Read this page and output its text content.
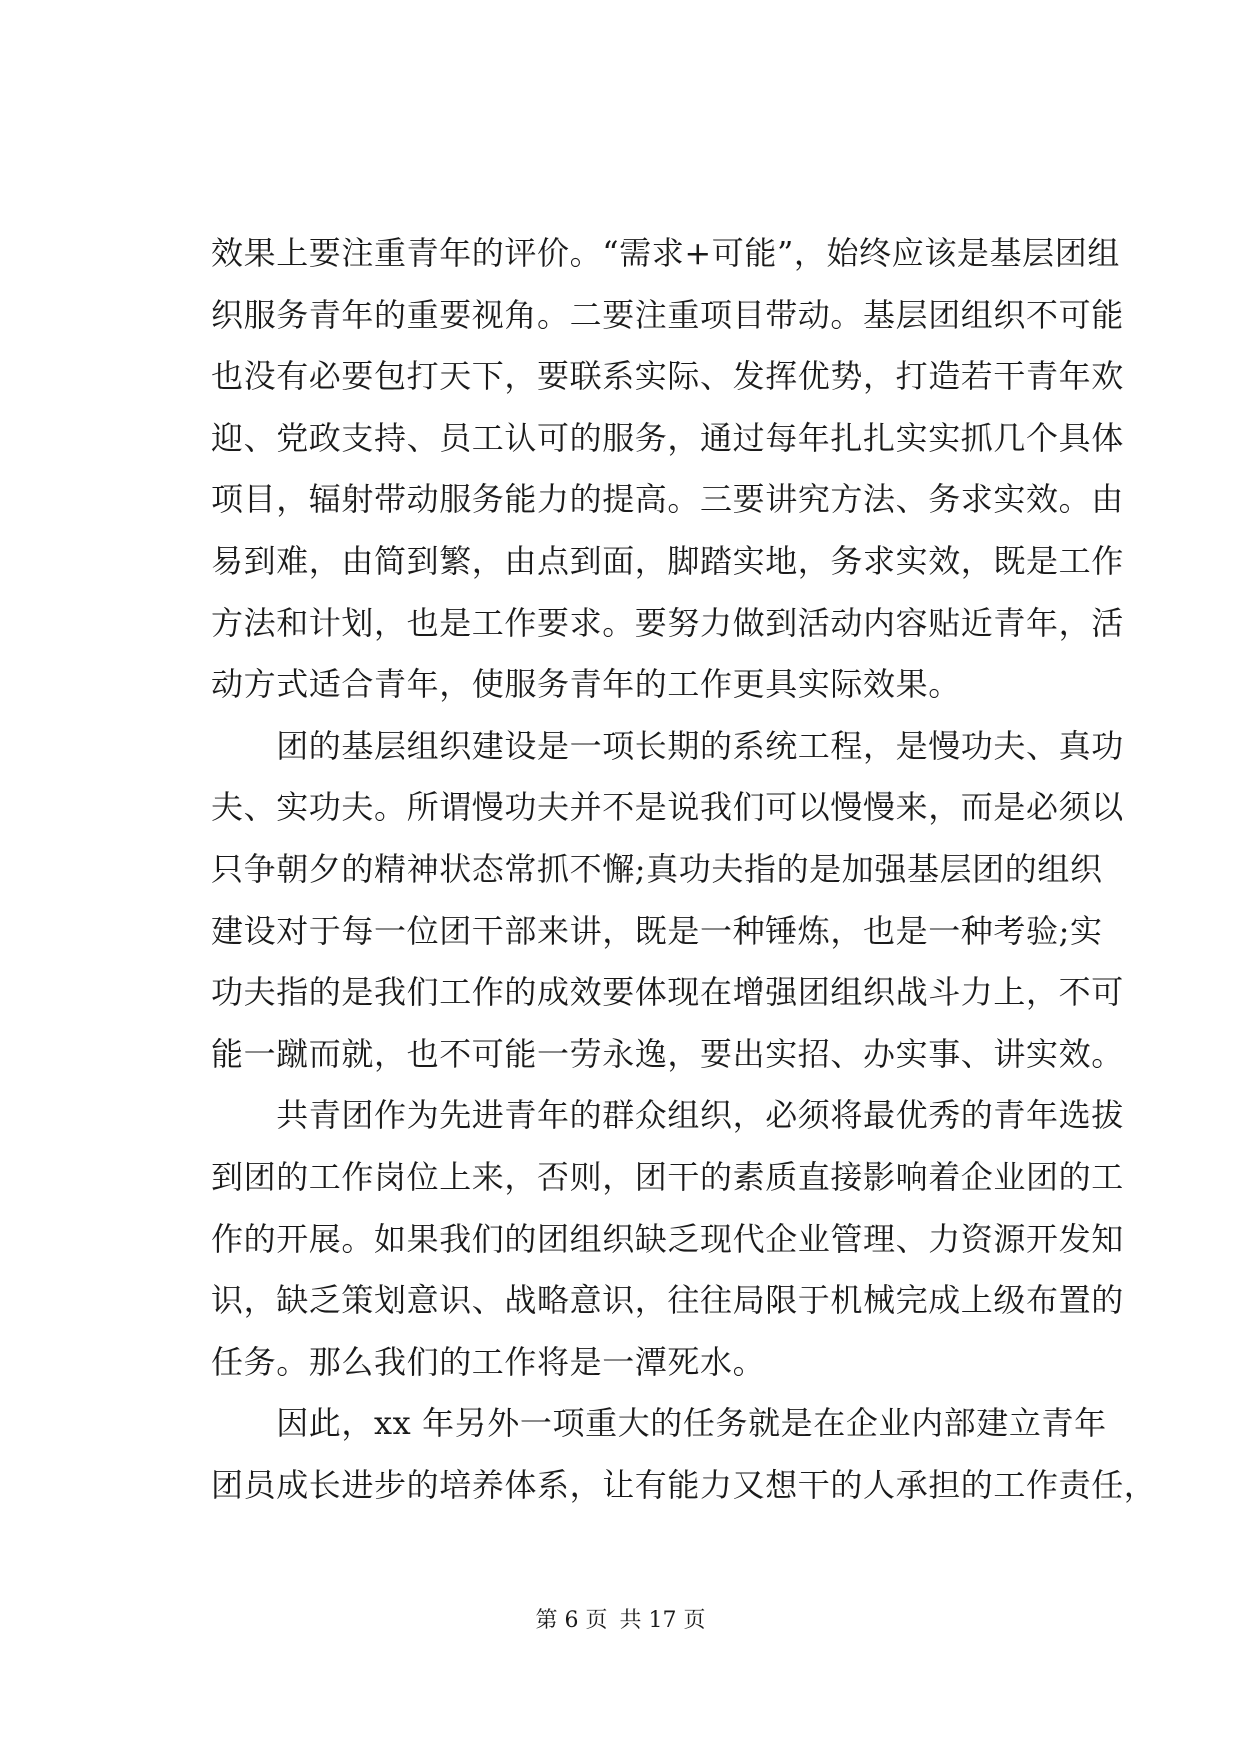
效果上要注重青年的评价。“需求+可能”，始终应该是基层团组
织服务青年的重要视角。二要注重项目带动。基层团组织不可能
也没有必要包打天下，要联系实际、发挥优势，打造若干青年欢
迎、党政支持、员工认可的服务，通过每年扎扎实实抓几个具体
项目，辐射带动服务能力的提高。三要讲究方法、务求实效。由
易到难，由简到繁，由点到面，脚踏实地，务求实效，既是工作
方法和计划，也是工作要求。要努力做到活动内容贴近青年，活
动方式适合青年，使服务青年的工作更具实际效果。
　　团的基层组织建设是一项长期的系统工程，是慢功夫、真功
夫、实功夫。所谓慢功夫并不是说我们可以慢慢来，而是必须以
只争朝夕的精神状态常抓不懈;真功夫指的是加强基层团的组织
建设对于每一位团干部来讲，既是一种锤炼，也是一种考验;实
功夫指的是我们工作的成效要体现在增强团组织战斗力上，不可
能一蹴而就，也不可能一劳永逸，要出实招、办实事、讲实效。
　　共青团作为先进青年的群众组织，必须将最优秀的青年选拔
到团的工作岗位上来，否则，团干的素质直接影响着企业团的工
作的开展。如果我们的团组织缺乏现代企业管理、力资源开发知
识，缺乏策划意识、战略意识，往往局限于机械完成上级布置的
任务。那么我们的工作将是一潭死水。
　　因此，xx 年另外一项重大的任务就是在企业内部建立青年
团员成长进步的培养体系，让有能力又想干的人承担的工作责任，
第 6 页 共 17 页
